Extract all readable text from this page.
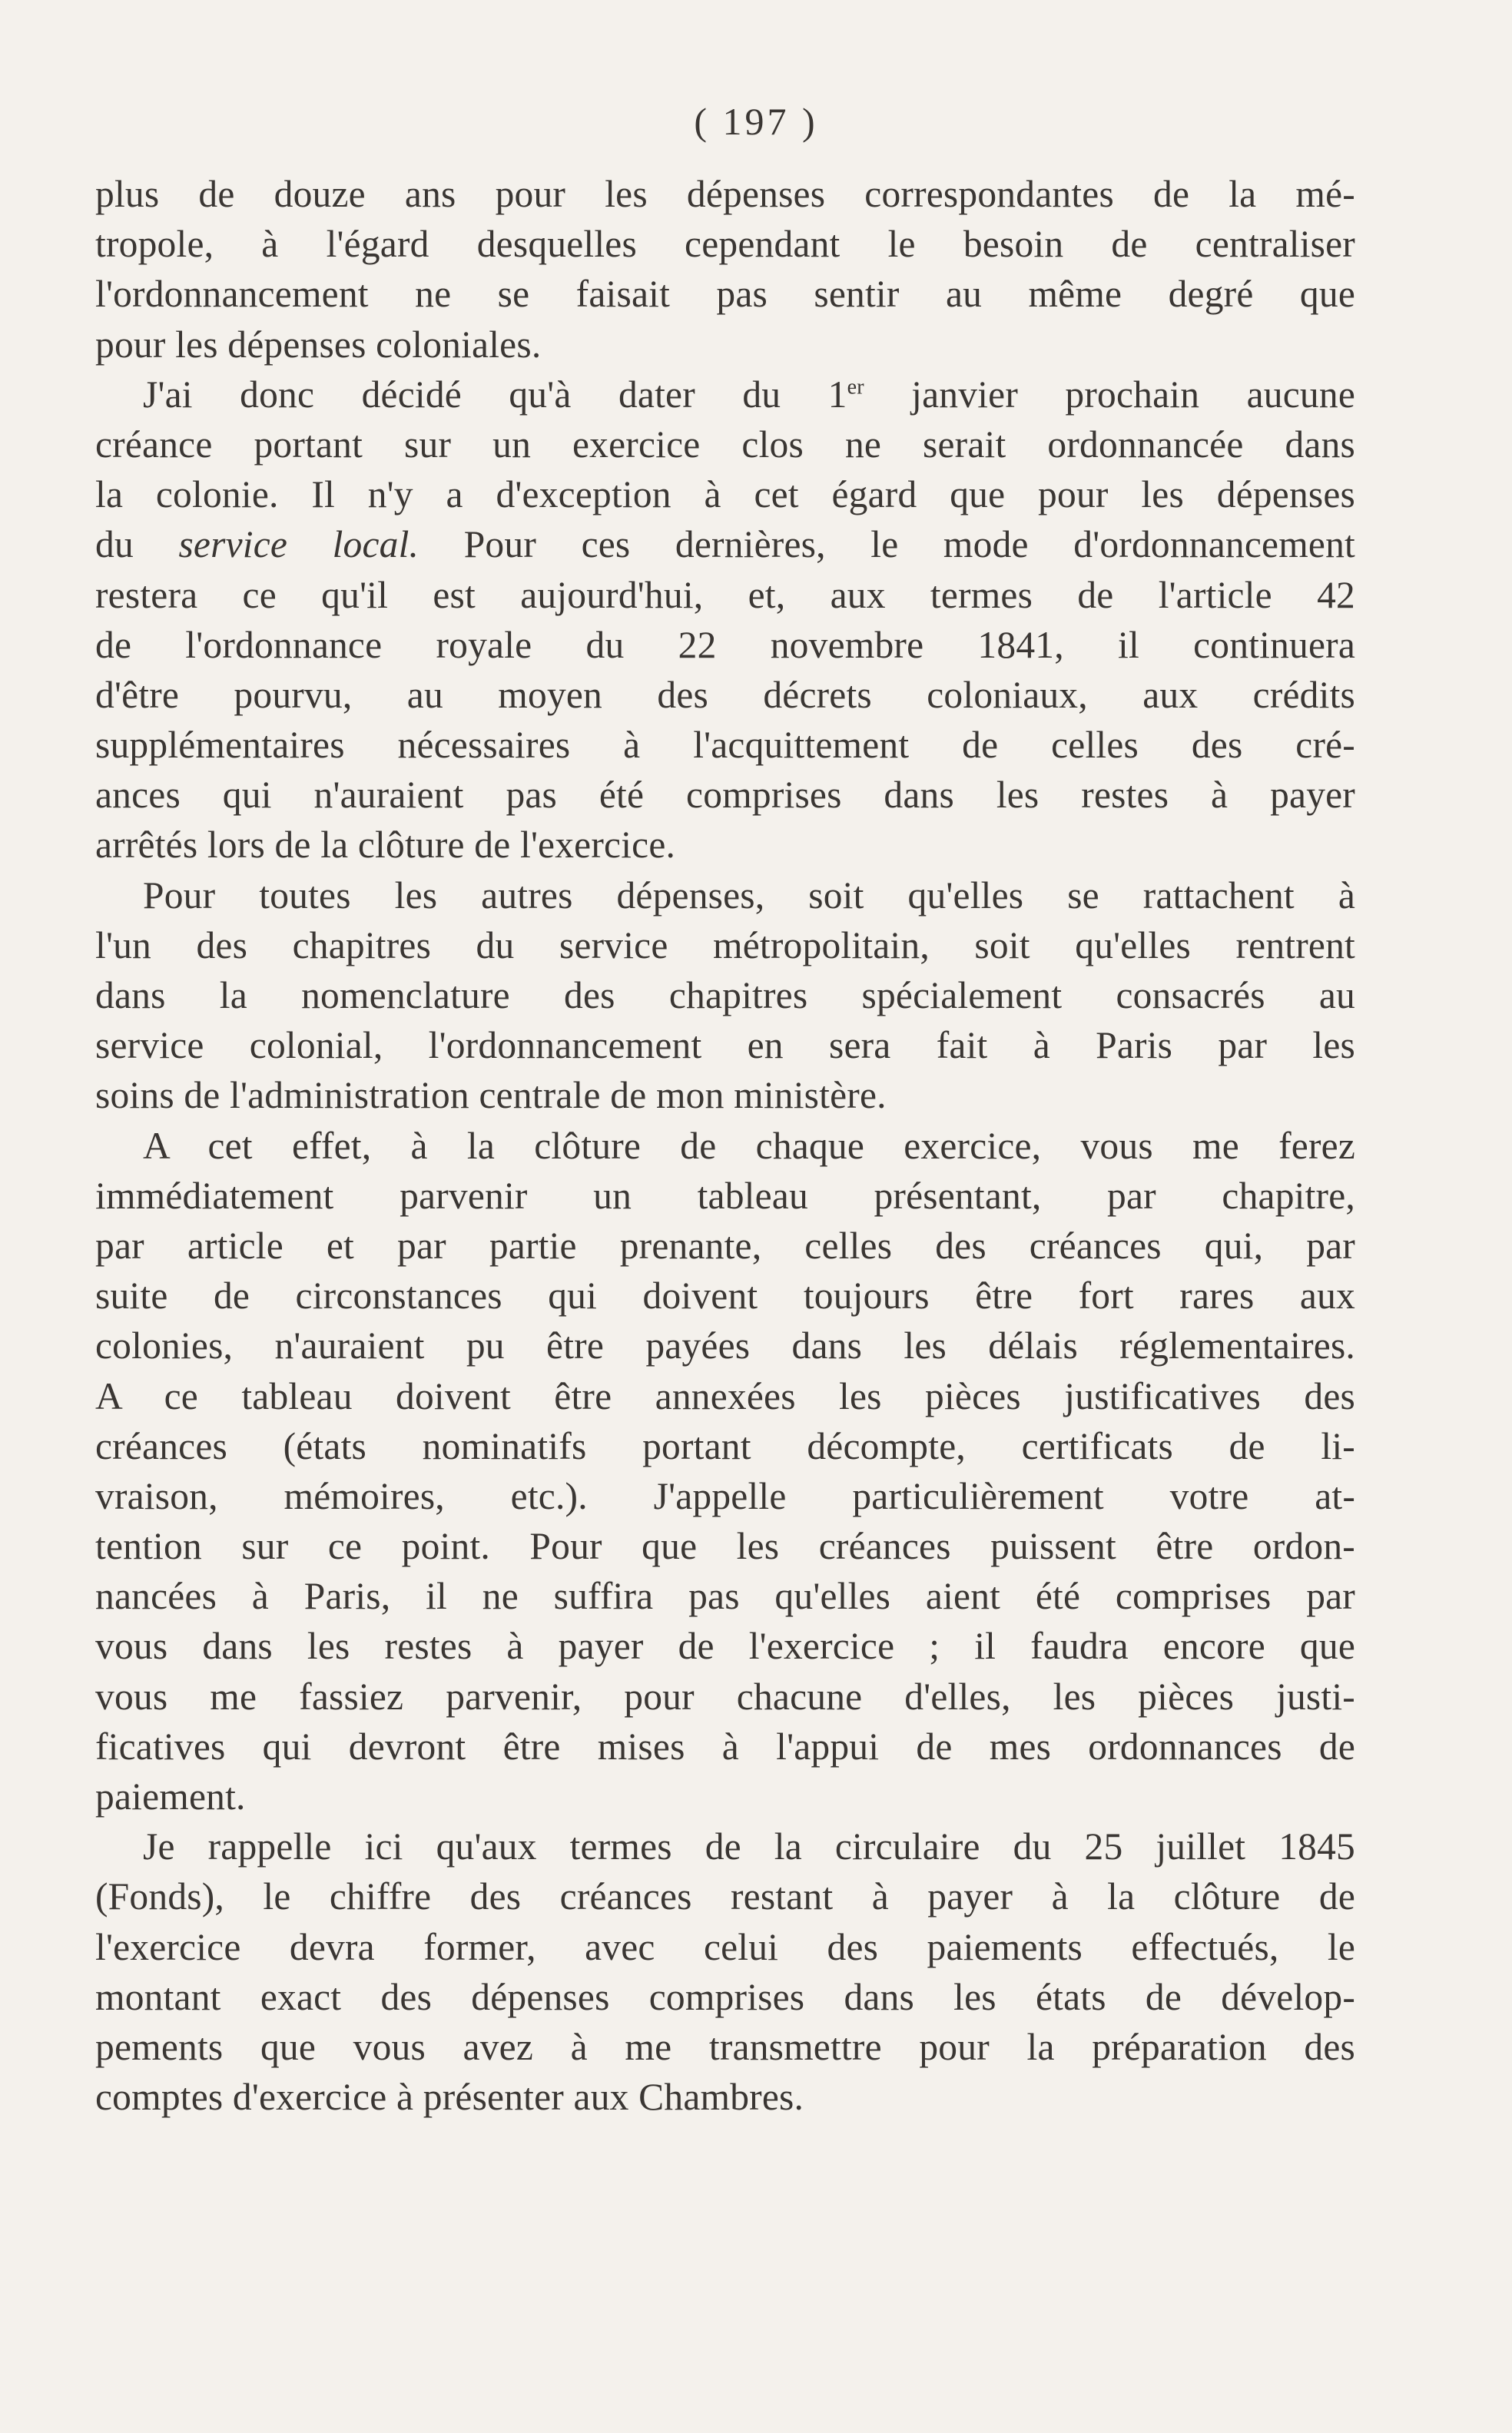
( 197 )
plus de douze ans pour les dépenses correspondantes de la mé-
tropole, à l'égard desquelles cependant le besoin de centraliser
l'ordonnancement ne se faisait pas sentir au même degré que
pour les dépenses coloniales.
J'ai donc décidé qu'à dater du 1er janvier prochain aucune
créance portant sur un exercice clos ne serait ordonnancée dans
la colonie. Il n'y a d'exception à cet égard que pour les dépenses
du service local. Pour ces dernières, le mode d'ordonnancement
restera ce qu'il est aujourd'hui, et, aux termes de l'article 42
de l'ordonnance royale du 22 novembre 1841, il continuera
d'être pourvu, au moyen des décrets coloniaux, aux crédits
supplémentaires nécessaires à l'acquittement de celles des cré-
ances qui n'auraient pas été comprises dans les restes à payer
arrêtés lors de la clôture de l'exercice.
Pour toutes les autres dépenses, soit qu'elles se rattachent à
l'un des chapitres du service métropolitain, soit qu'elles rentrent
dans la nomenclature des chapitres spécialement consacrés au
service colonial, l'ordonnancement en sera fait à Paris par les
soins de l'administration centrale de mon ministère.
A cet effet, à la clôture de chaque exercice, vous me ferez
immédiatement parvenir un tableau présentant, par chapitre,
par article et par partie prenante, celles des créances qui, par
suite de circonstances qui doivent toujours être fort rares aux
colonies, n'auraient pu être payées dans les délais réglementaires.
A ce tableau doivent être annexées les pièces justificatives des
créances (états nominatifs portant décompte, certificats de li-
vraison, mémoires, etc.). J'appelle particulièrement votre at-
tention sur ce point. Pour que les créances puissent être ordon-
nancées à Paris, il ne suffira pas qu'elles aient été comprises par
vous dans les restes à payer de l'exercice ; il faudra encore que
vous me fassiez parvenir, pour chacune d'elles, les pièces justi-
ficatives qui devront être mises à l'appui de mes ordonnances de
paiement.
Je rappelle ici qu'aux termes de la circulaire du 25 juillet 1845
(Fonds), le chiffre des créances restant à payer à la clôture de
l'exercice devra former, avec celui des paiements effectués, le
montant exact des dépenses comprises dans les états de dévelop-
pements que vous avez à me transmettre pour la préparation des
comptes d'exercice à présenter aux Chambres.
